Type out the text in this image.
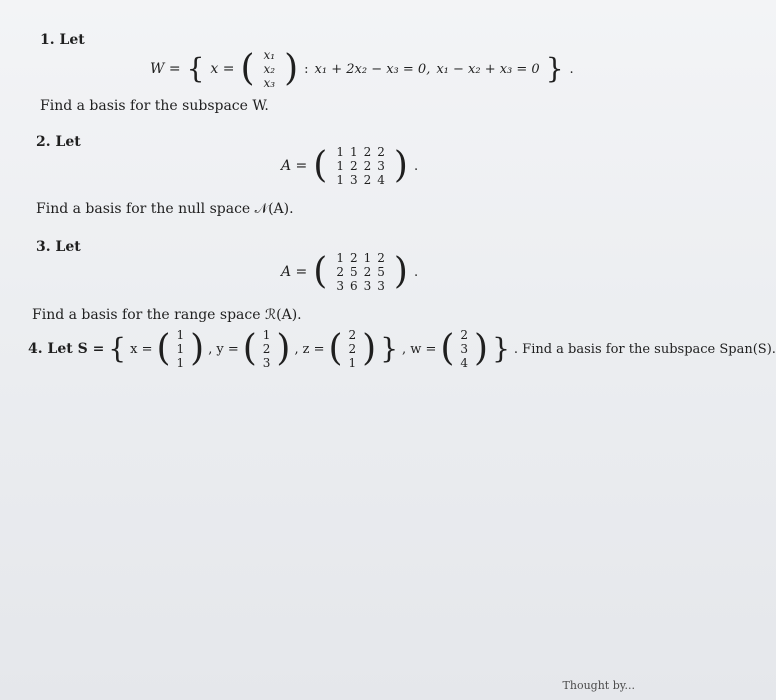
1. Let
W = { x = ( x₁
x₂
x₃ ) : x₁ + 2x₂ − x₃ = 0, x₁ − x₂ + x₃ = 0 } .
Find a basis for the subspace W.
2. Let
A = ( 1	1	2	2
1	2	2	3
1	3	2	4 ) .
Find a basis for the null space 𝒩(A).
3. Let
A = ( 1	2	1	2
2	5	2	5
3	6	3	3 ) .
Find a basis for the range space ℛ(A).
4. Let S = { x = ( 1
1
1 ) , y = ( 1
2
3 ) , z = ( 2
2
1 ) } , w = ( 2
3
4 ) } . Find a basis for the subspace Span(S).
Thought by...
